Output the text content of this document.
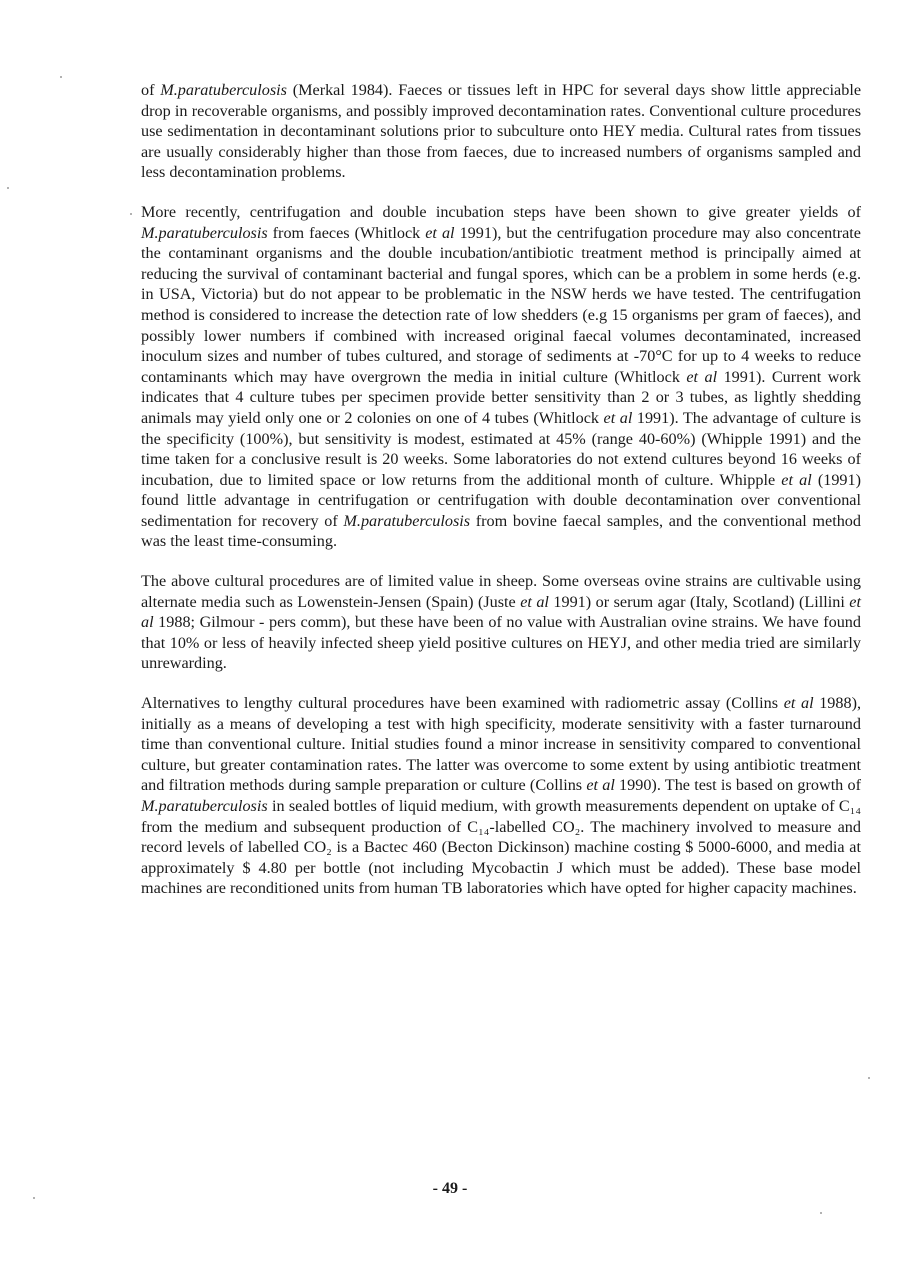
of M.paratuberculosis (Merkal 1984). Faeces or tissues left in HPC for several days show little appreciable drop in recoverable organisms, and possibly improved decontamination rates. Conventional culture procedures use sedimentation in decontaminant solutions prior to subculture onto HEY media. Cultural rates from tissues are usually considerably higher than those from faeces, due to increased numbers of organisms sampled and less decontamination problems.

More recently, centrifugation and double incubation steps have been shown to give greater yields of M.paratuberculosis from faeces (Whitlock et al 1991), but the centrifugation procedure may also concentrate the contaminant organisms and the double incubation/antibiotic treatment method is principally aimed at reducing the survival of contaminant bacterial and fungal spores, which can be a problem in some herds (e.g. in USA, Victoria) but do not appear to be problematic in the NSW herds we have tested. The centrifugation method is considered to increase the detection rate of low shedders (e.g 15 organisms per gram of faeces), and possibly lower numbers if combined with increased original faecal volumes decontaminated, increased inoculum sizes and number of tubes cultured, and storage of sediments at -70°C for up to 4 weeks to reduce contaminants which may have overgrown the media in initial culture (Whitlock et al 1991). Current work indicates that 4 culture tubes per specimen provide better sensitivity than 2 or 3 tubes, as lightly shedding animals may yield only one or 2 colonies on one of 4 tubes (Whitlock et al 1991). The advantage of culture is the specificity (100%), but sensitivity is modest, estimated at 45% (range 40-60%) (Whipple 1991) and the time taken for a conclusive result is 20 weeks. Some laboratories do not extend cultures beyond 16 weeks of incubation, due to limited space or low returns from the additional month of culture. Whipple et al (1991) found little advantage in centrifugation or centrifugation with double decontamination over conventional sedimentation for recovery of M.paratuberculosis from bovine faecal samples, and the conventional method was the least time-consuming.

The above cultural procedures are of limited value in sheep. Some overseas ovine strains are cultivable using alternate media such as Lowenstein-Jensen (Spain) (Juste et al 1991) or serum agar (Italy, Scotland) (Lillini et al 1988; Gilmour - pers comm), but these have been of no value with Australian ovine strains. We have found that 10% or less of heavily infected sheep yield positive cultures on HEYJ, and other media tried are similarly unrewarding.

Alternatives to lengthy cultural procedures have been examined with radiometric assay (Collins et al 1988), initially as a means of developing a test with high specificity, moderate sensitivity with a faster turnaround time than conventional culture. Initial studies found a minor increase in sensitivity compared to conventional culture, but greater contamination rates. The latter was overcome to some extent by using antibiotic treatment and filtration methods during sample preparation or culture (Collins et al 1990). The test is based on growth of M.paratuberculosis in sealed bottles of liquid medium, with growth measurements dependent on uptake of C₁₄ from the medium and subsequent production of C₁₄-labelled CO₂. The machinery involved to measure and record levels of labelled CO₂ is a Bactec 460 (Becton Dickinson) machine costing $ 5000-6000, and media at approximately $ 4.80 per bottle (not including Mycobactin J which must be added). These base model machines are reconditioned units from human TB laboratories which have opted for higher capacity machines.

- 49 -
